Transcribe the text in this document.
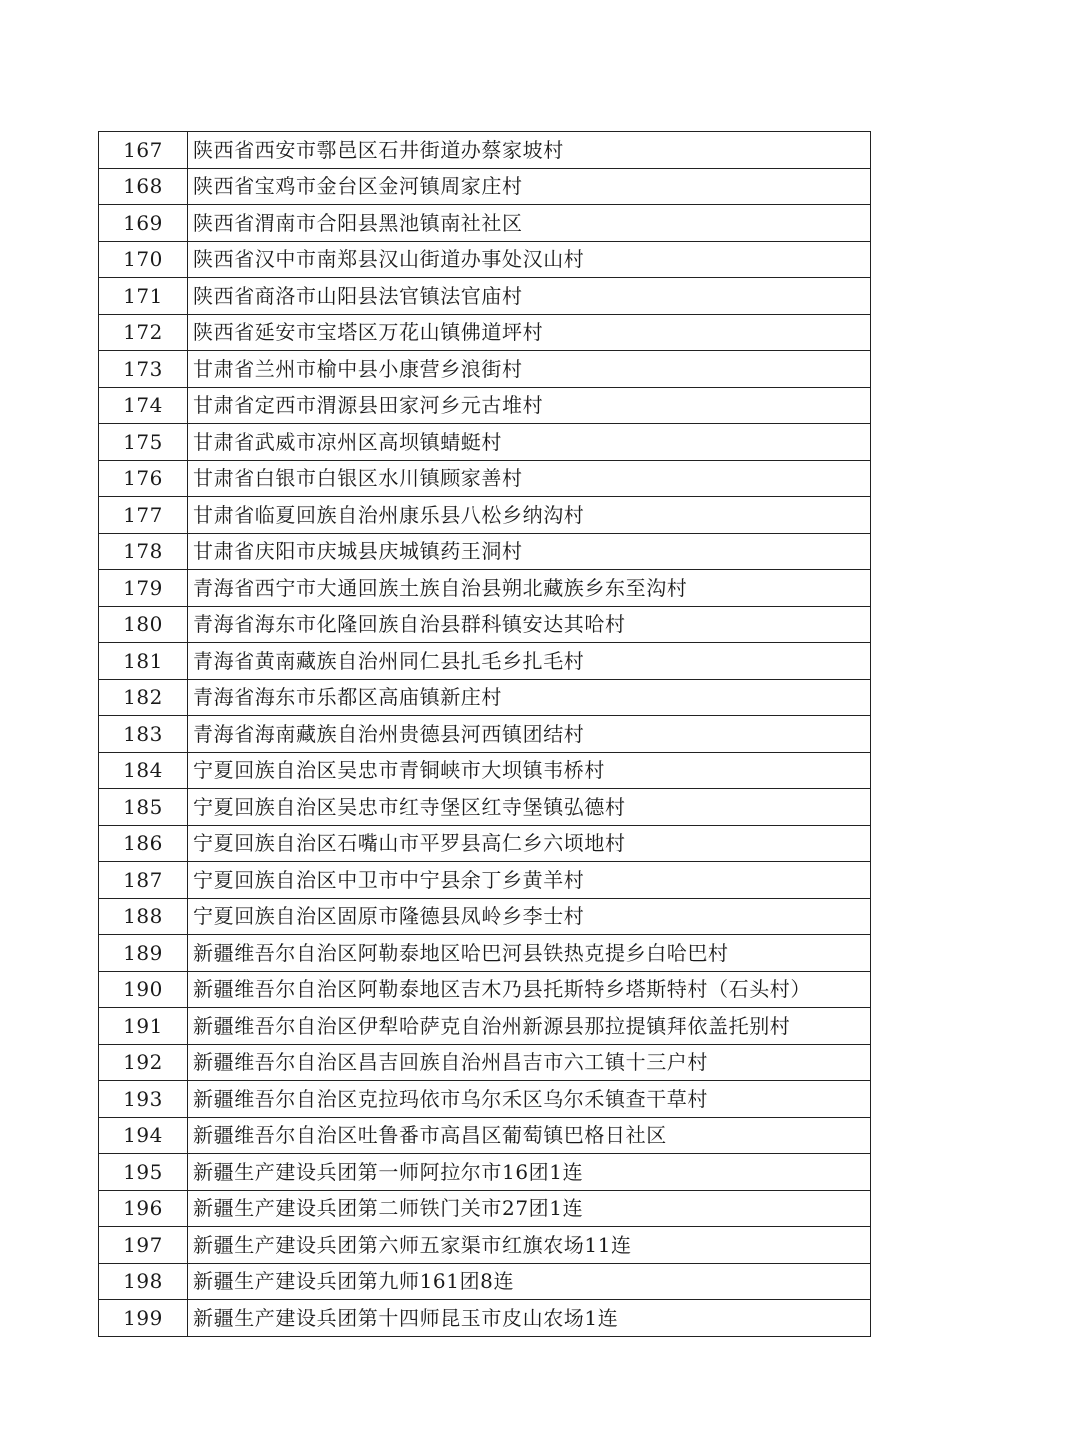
167	陕西省西安市鄠邑区石井街道办蔡家坡村
168	陕西省宝鸡市金台区金河镇周家庄村
169	陕西省渭南市合阳县黑池镇南社社区
170	陕西省汉中市南郑县汉山街道办事处汉山村
171	陕西省商洛市山阳县法官镇法官庙村
172	陕西省延安市宝塔区万花山镇佛道坪村
173	甘肃省兰州市榆中县小康营乡浪街村
174	甘肃省定西市渭源县田家河乡元古堆村
175	甘肃省武威市凉州区高坝镇蜻蜓村
176	甘肃省白银市白银区水川镇顾家善村
177	甘肃省临夏回族自治州康乐县八松乡纳沟村
178	甘肃省庆阳市庆城县庆城镇药王洞村
179	青海省西宁市大通回族土族自治县朔北藏族乡东至沟村
180	青海省海东市化隆回族自治县群科镇安达其哈村
181	青海省黄南藏族自治州同仁县扎毛乡扎毛村
182	青海省海东市乐都区高庙镇新庄村
183	青海省海南藏族自治州贵德县河西镇团结村
184	宁夏回族自治区吴忠市青铜峡市大坝镇韦桥村
185	宁夏回族自治区吴忠市红寺堡区红寺堡镇弘德村
186	宁夏回族自治区石嘴山市平罗县高仁乡六顷地村
187	宁夏回族自治区中卫市中宁县余丁乡黄羊村
188	宁夏回族自治区固原市隆德县凤岭乡李士村
189	新疆维吾尔自治区阿勒泰地区哈巴河县铁热克提乡白哈巴村
190	新疆维吾尔自治区阿勒泰地区吉木乃县托斯特乡塔斯特村（石头村）
191	新疆维吾尔自治区伊犁哈萨克自治州新源县那拉提镇拜依盖托别村
192	新疆维吾尔自治区昌吉回族自治州昌吉市六工镇十三户村
193	新疆维吾尔自治区克拉玛依市乌尔禾区乌尔禾镇查干草村
194	新疆维吾尔自治区吐鲁番市高昌区葡萄镇巴格日社区
195	新疆生产建设兵团第一师阿拉尔市16团1连
196	新疆生产建设兵团第二师铁门关市27团1连
197	新疆生产建设兵团第六师五家渠市红旗农场11连
198	新疆生产建设兵团第九师161团8连
199	新疆生产建设兵团第十四师昆玉市皮山农场1连
